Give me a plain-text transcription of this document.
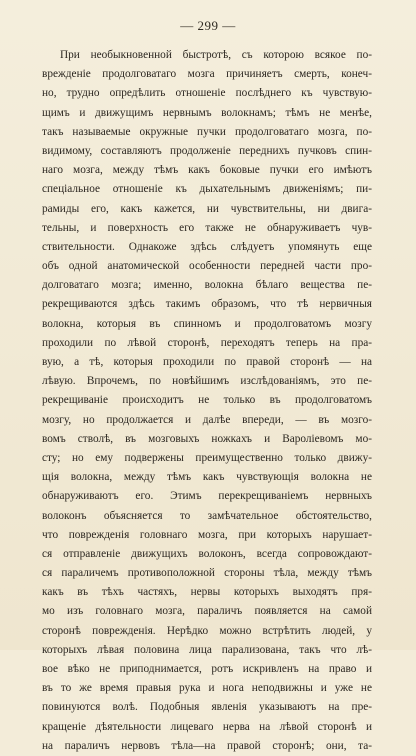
— 299 —
При необыкновенной быстротѣ, съ которою всякое по-
врежденіе продолговатаго мозга причиняетъ смерть, конеч-
но, трудно опредѣлить отношеніе послѣднего къ чувствую-
щимъ и движущимъ нервнымъ волокнамъ; тѣмъ не менѣе,
такъ называемые окружные пучки продолговатаго мозга, по-
видимому, составляютъ продолженіе переднихъ пучковъ спин-
наго мозга, между тѣмъ какъ боковые пучки его имѣютъ
спеціальное отношеніе къ дыхательнымъ движеніямъ; пи-
рамиды его, какъ кажется, ни чувствительны, ни двига-
тельны, и поверхность его также не обнаруживаетъ чув-
ствительности. Однакоже здѣсь слѣдуетъ упомянуть еще
объ одной анатомической особенности передней части про-
долговатаго мозга; именно, волокна бѣлаго вещества пе-
рекрещиваются здѣсь такимъ образомъ, что тѣ нервичныя
волокна, которыя въ спинномъ и продолговатомъ мозгу
проходили по лѣвой сторонѣ, переходятъ теперь на пра-
вую, а тѣ, которыя проходили по правой сторонѣ — на
лѣвую. Впрочемъ, по новѣйшимъ изслѣдованіямъ, это пе-
рекрещиваніе происходитъ не только въ продолговатомъ
мозгу, но продолжается и далѣе впереди, — въ мозго-
вомъ стволѣ, въ мозговыхъ ножкахъ и Вароліевомъ мо-
сту; но ему подвержены преимущественно только движу-
щія волокна, между тѣмъ какъ чувствующія волокна не
обнаруживаютъ его. Этимъ перекрещиваніемъ нервныхъ
волоконъ объясняется то замѣчательное обстоятельство,
что поврежденія головнаго мозга, при которыхъ нарушает-
ся отправленіе движущихъ волоконъ, всегда сопровождают-
ся параличемъ противоположной стороны тѣла, между тѣмъ
какъ въ тѣхъ частяхъ, нервы которыхъ выходятъ пря-
мо изъ головнаго мозга, параличъ появляется на самой
сторонѣ поврежденія. Нерѣдко можно встрѣтить людей, у
которыхъ лѣвая половина лица парализована, такъ что лѣ-
вое вѣко не приподнимается, ротъ искривленъ на право и
въ то же время правыя рука и нога неподвижны и уже не
повинуются волѣ. Подобныя явленія указываютъ на пре-
кращеніе дѣятельности лицеваго нерва на лѣвой сторонѣ и
на параличъ нервовъ тѣла—на правой сторонѣ; они, та-
